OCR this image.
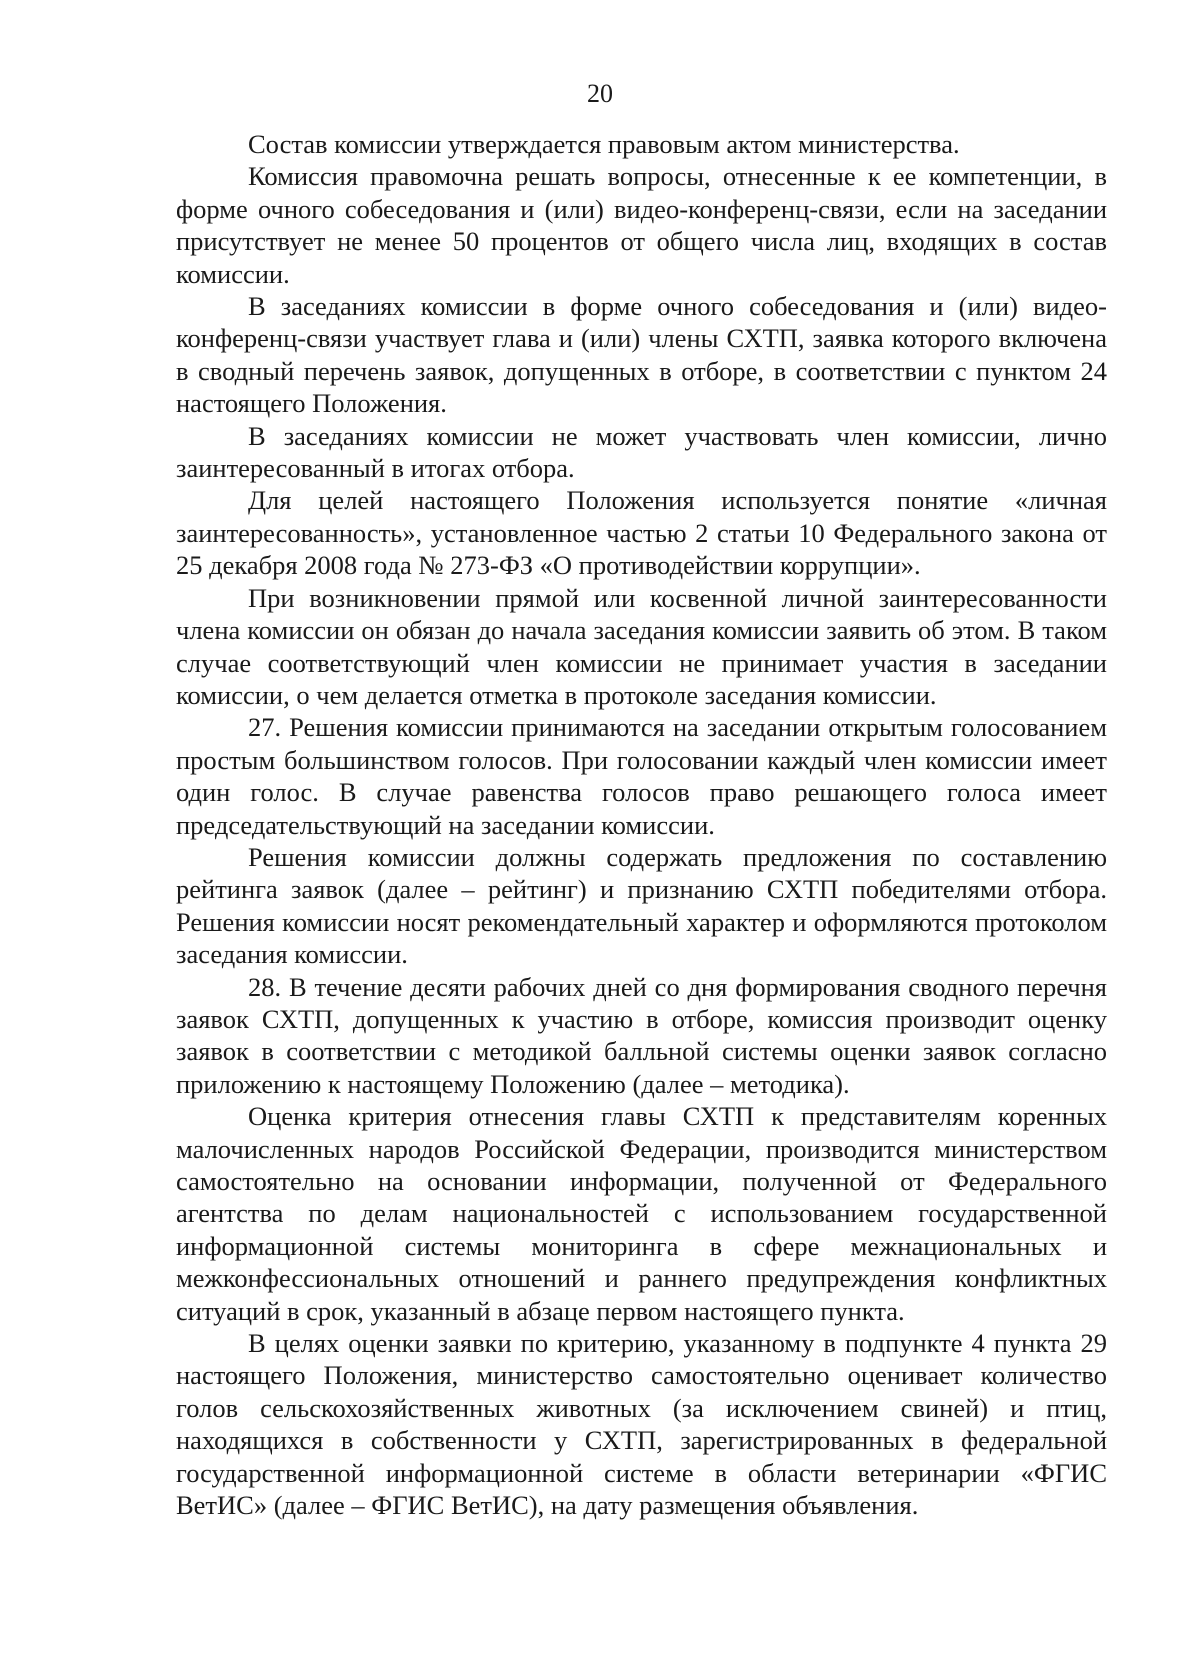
20

Состав комиссии утверждается правовым актом министерства.

Комиссия правомочна решать вопросы, отнесенные к ее компетенции, в форме очного собеседования и (или) видео-конференц-связи, если на заседании присутствует не менее 50 процентов от общего числа лиц, входящих в состав комиссии.

В заседаниях комиссии в форме очного собеседования и (или) видео-конференц-связи участвует глава и (или) члены СХТП, заявка которого включена в сводный перечень заявок, допущенных в отборе, в соответствии с пунктом 24 настоящего Положения.

В заседаниях комиссии не может участвовать член комиссии, лично заинтересованный в итогах отбора.

Для целей настоящего Положения используется понятие «личная заинтересованность», установленное частью 2 статьи 10 Федерального закона от 25 декабря 2008 года № 273-ФЗ «О противодействии коррупции».

При возникновении прямой или косвенной личной заинтересованности члена комиссии он обязан до начала заседания комиссии заявить об этом. В таком случае соответствующий член комиссии не принимает участия в заседании комиссии, о чем делается отметка в протоколе заседания комиссии.

27. Решения комиссии принимаются на заседании открытым голосованием простым большинством голосов. При голосовании каждый член комиссии имеет один голос. В случае равенства голосов право решающего голоса имеет председательствующий на заседании комиссии.

Решения комиссии должны содержать предложения по составлению рейтинга заявок (далее – рейтинг) и признанию СХТП победителями отбора. Решения комиссии носят рекомендательный характер и оформляются протоколом заседания комиссии.

28. В течение десяти рабочих дней со дня формирования сводного перечня заявок СХТП, допущенных к участию в отборе, комиссия производит оценку заявок в соответствии с методикой балльной системы оценки заявок согласно приложению к настоящему Положению (далее – методика).

Оценка критерия отнесения главы СХТП к представителям коренных малочисленных народов Российской Федерации, производится министерством самостоятельно на основании информации, полученной от Федерального агентства по делам национальностей с использованием государственной информационной системы мониторинга в сфере межнациональных и межконфессиональных отношений и раннего предупреждения конфликтных ситуаций в срок, указанный в абзаце первом настоящего пункта.

В целях оценки заявки по критерию, указанному в подпункте 4 пункта 29 настоящего Положения, министерство самостоятельно оценивает количество голов сельскохозяйственных животных (за исключением свиней) и птиц, находящихся в собственности у СХТП, зарегистрированных в федеральной государственной информационной системе в области ветеринарии «ФГИС ВетИС» (далее – ФГИС ВетИС), на дату размещения объявления.
